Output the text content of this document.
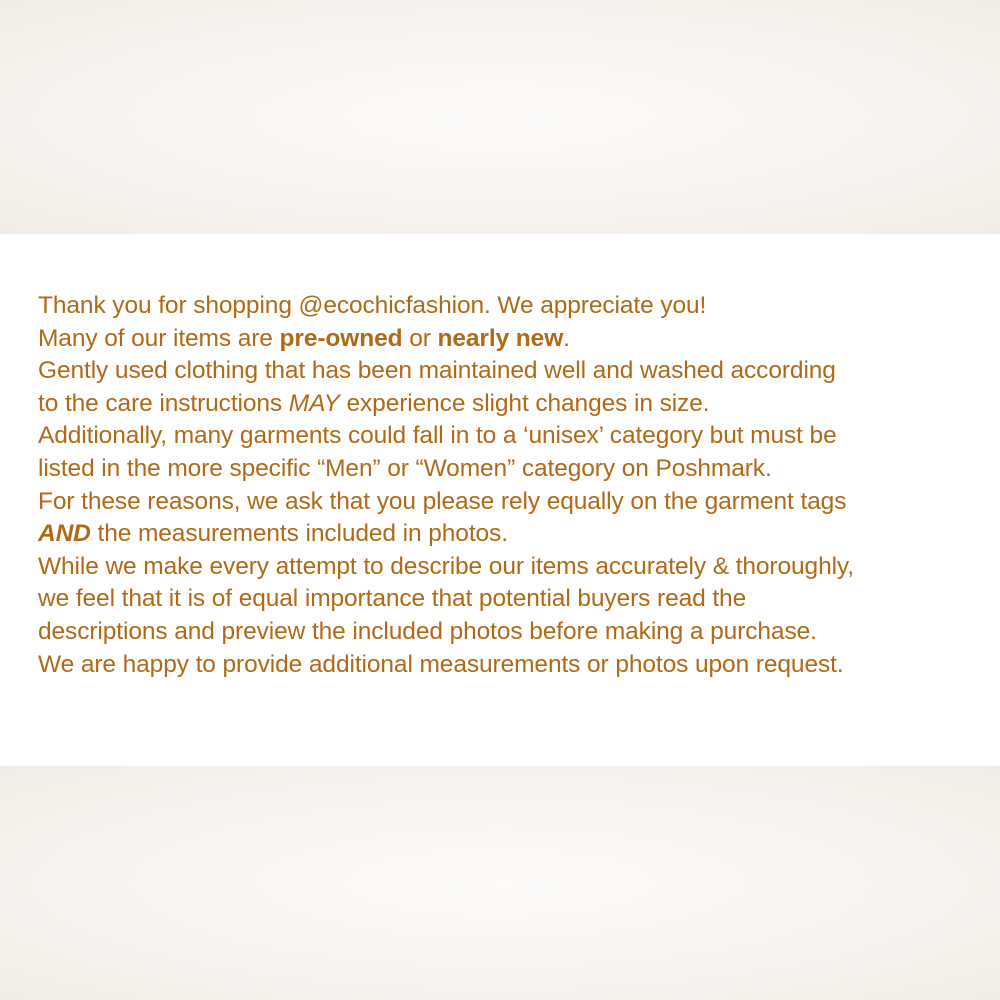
Thank you for shopping @ecochicfashion. We appreciate you!
Many of our items are pre-owned or nearly new.
Gently used clothing that has been maintained well and washed according
to the care instructions MAY experience slight changes in size.
Additionally, many garments could fall in to a ‘unisex’ category but must be
listed in the more specific “Men” or “Women” category on Poshmark.
For these reasons, we ask that you please rely equally on the garment tags
AND the measurements included in photos.
While we make every attempt to describe our items accurately & thoroughly,
we feel that it is of equal importance that potential buyers read the
descriptions and preview the included photos before making a purchase.
We are happy to provide additional measurements or photos upon request.
